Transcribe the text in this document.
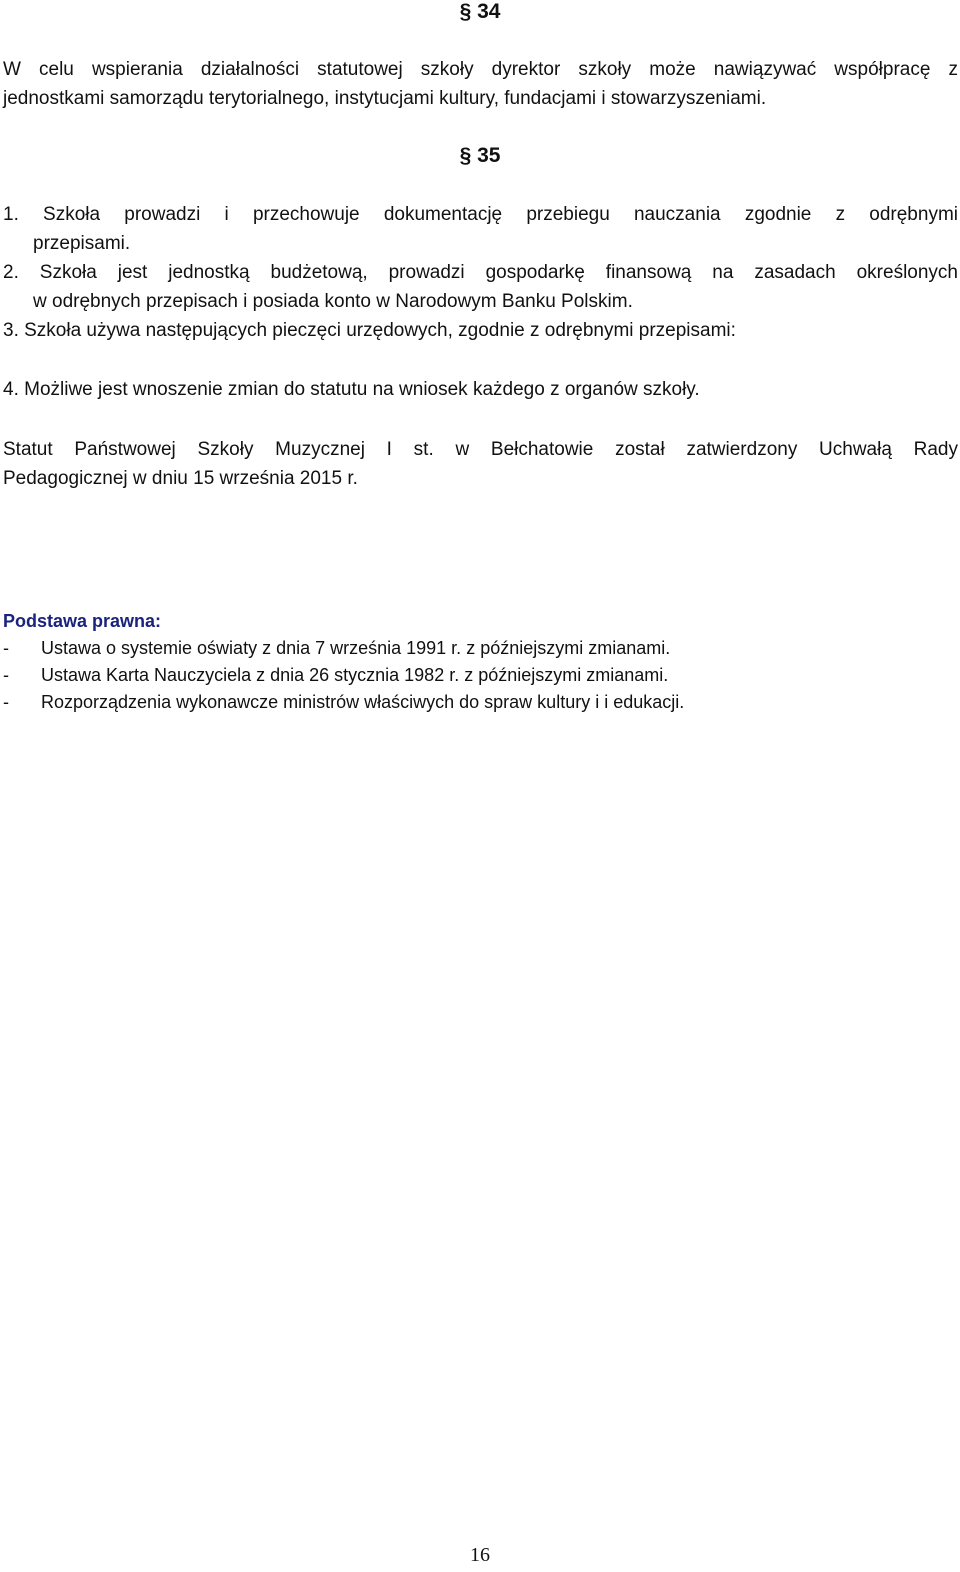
§ 34
W celu wspierania działalności statutowej szkoły dyrektor szkoły może nawiązywać współpracę z
jednostkami samorządu terytorialnego, instytucjami kultury, fundacjami i stowarzyszeniami.
§ 35
1. Szkoła prowadzi i przechowuje dokumentację przebiegu nauczania zgodnie z odrębnymi
przepisami.
2. Szkoła jest jednostką budżetową, prowadzi gospodarkę finansową na zasadach określonych
w odrębnych przepisach i posiada konto w Narodowym Banku Polskim.
3. Szkoła używa następujących pieczęci urzędowych, zgodnie z odrębnymi przepisami:
4. Możliwe jest wnoszenie zmian do statutu na wniosek każdego z organów szkoły.
Statut Państwowej Szkoły Muzycznej I st. w Bełchatowie został zatwierdzony Uchwałą Rady
Pedagogicznej w dniu 15 września 2015 r.
Podstawa prawna:
-	Ustawa o systemie oświaty z dnia 7 września 1991 r. z późniejszymi zmianami.
-	Ustawa Karta Nauczyciela z dnia 26 stycznia 1982 r. z późniejszymi zmianami.
-	Rozporządzenia wykonawcze ministrów właściwych do spraw kultury i i edukacji.
16
